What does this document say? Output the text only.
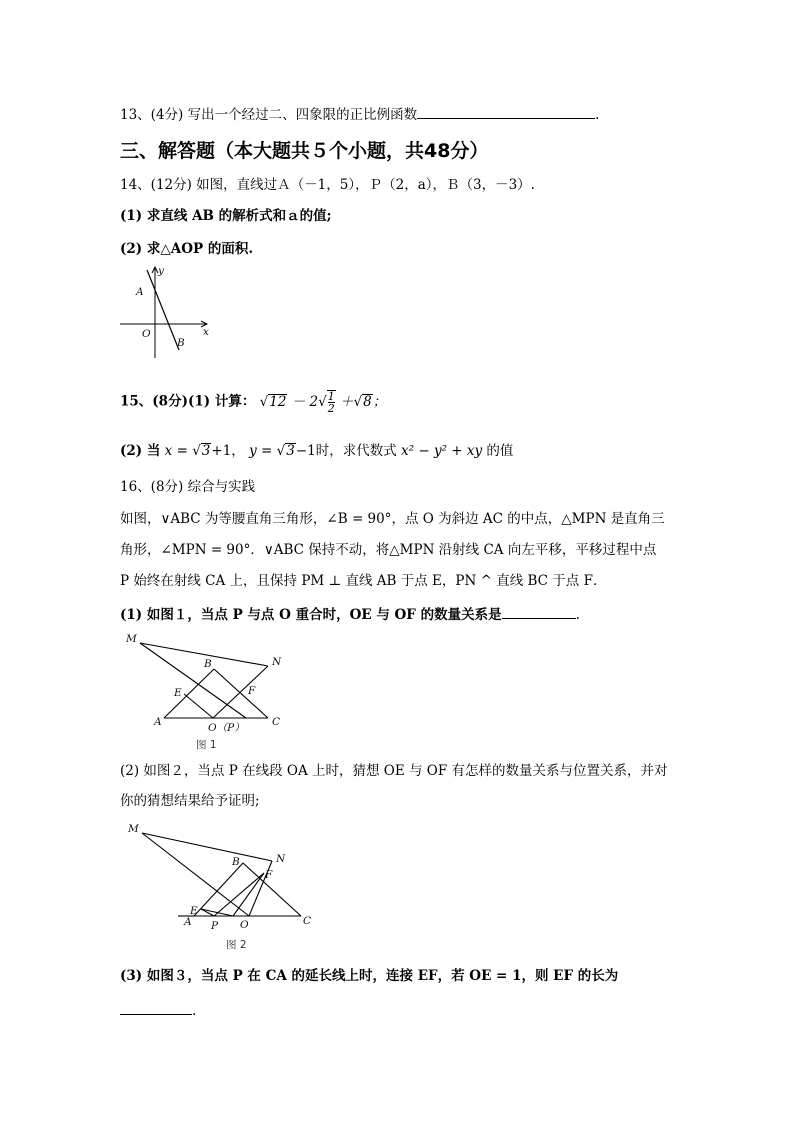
13、(4分) 写出一个经过二、四象限的正比例函数	.
三、解答题（本大题共５个小题，共48分）
14、(12分) 如图，直线过Ａ（－1，5），Ｐ（2，a），Ｂ（3，－3）.
(1) 求直线 AB 的解析式和ａ的值;
(2) 求△AOP 的面积.
y
A
O	x
B
15、(8分)(1) 计算： $√12 - 2√ \frac{1}{2} +√8$；
(2) 当 x = √3+1， y = √3−1时，求代数式 x² − y² + xy 的值
16、(8分) 综合与实践
如图，∨ABC 为等腰直角三角形，∠B = 90°，点 O 为斜边 AC 的中点，△MPN 是直角三
角形，∠MPN = 90°．∨ABC 保持不动，将△MPN 沿射线 CA 向左平移，平移过程中点
P 始终在射线 CA 上，且保持 PM ⊥ 直线 AB 于点 E，PN ^ 直线 BC 于点 F．
(1) 如图１，当点 P 与点 O 重合时，OE 与 OF 的数量关系是	.
M
B	N
E	F
A	O（P）	C
图 1
(2) 如图２，当点 P 在线段 OA 上时，猜想 OE 与 OF 有怎样的数量关系与位置关系，并对
你的猜想结果给予证明;
M
B	N
F
E
A P O	C
图 2
(3) 如图３，当点 P 在 CA 的延长线上时，连接 EF，若 OE = 1，则 EF 的长为
.
